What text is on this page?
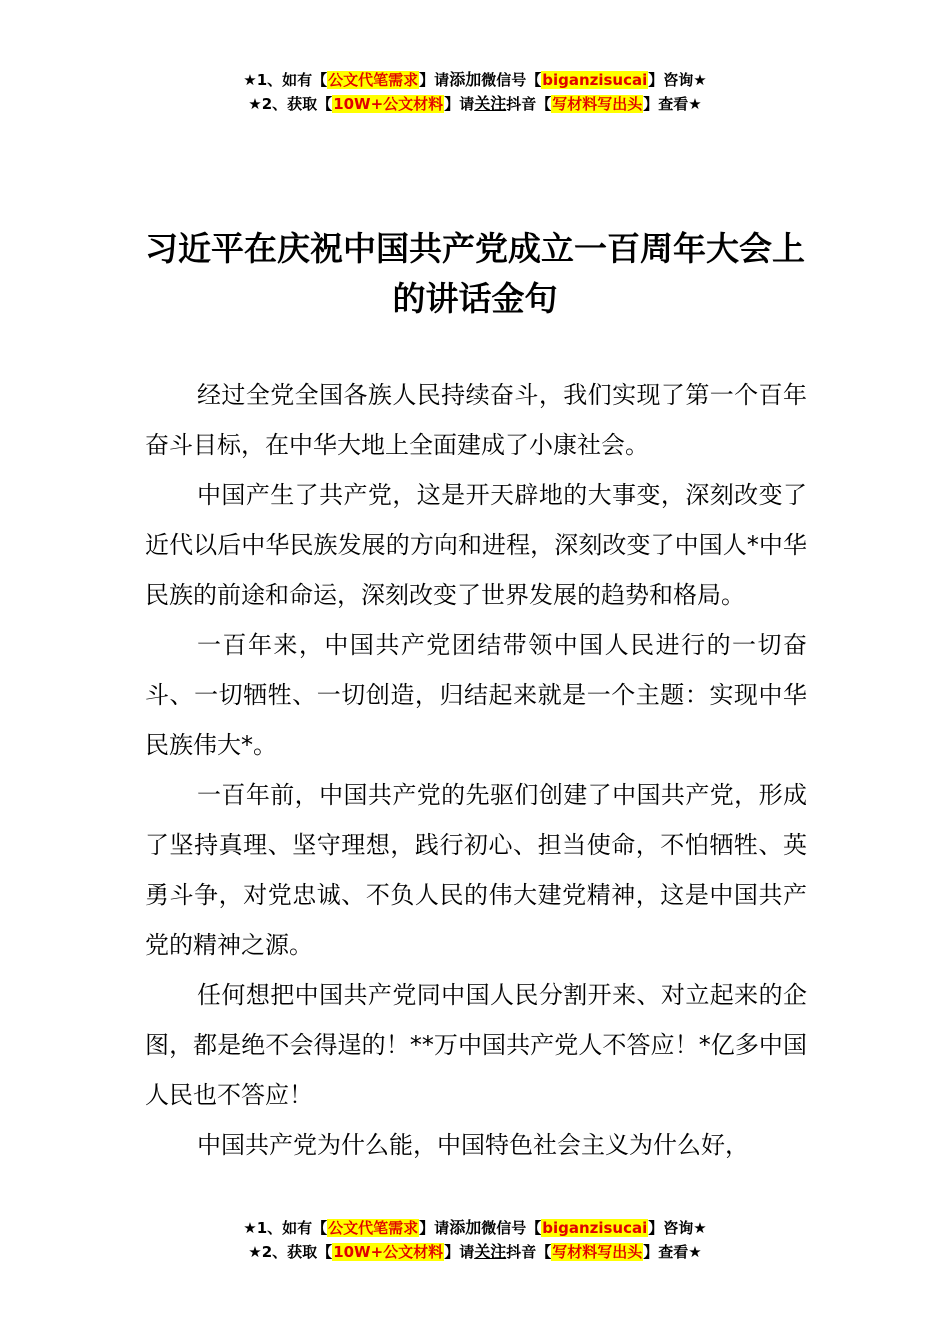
★1、如有【公文代笔需求】请添加微信号【biganzisucai】咨询★
★2、获取【10W+公文材料】请关注抖音【写材料写出头】查看★
习近平在庆祝中国共产党成立一百周年大会上的讲话金句

经过全党全国各族人民持续奋斗，我们实现了第一个百年奋斗目标，在中华大地上全面建成了小康社会。

中国产生了共产党，这是开天辟地的大事变，深刻改变了近代以后中华民族发展的方向和进程，深刻改变了中国人*中华民族的前途和命运，深刻改变了世界发展的趋势和格局。

一百年来，中国共产党团结带领中国人民进行的一切奋斗、一切牺牲、一切创造，归结起来就是一个主题：实现中华民族伟大*。

一百年前，中国共产党的先驱们创建了中国共产党，形成了坚持真理、坚守理想，践行初心、担当使命，不怕牺牲、英勇斗争，对党忠诚、不负人民的伟大建党精神，这是中国共产党的精神之源。

任何想把中国共产党同中国人民分割开来、对立起来的企图，都是绝不会得逞的！**万中国共产党人不答应！*亿多中国人民也不答应！

中国共产党为什么能，中国特色社会主义为什么好，

★1、如有【公文代笔需求】请添加微信号【biganzisucai】咨询★
★2、获取【10W+公文材料】请关注抖音【写材料写出头】查看★
